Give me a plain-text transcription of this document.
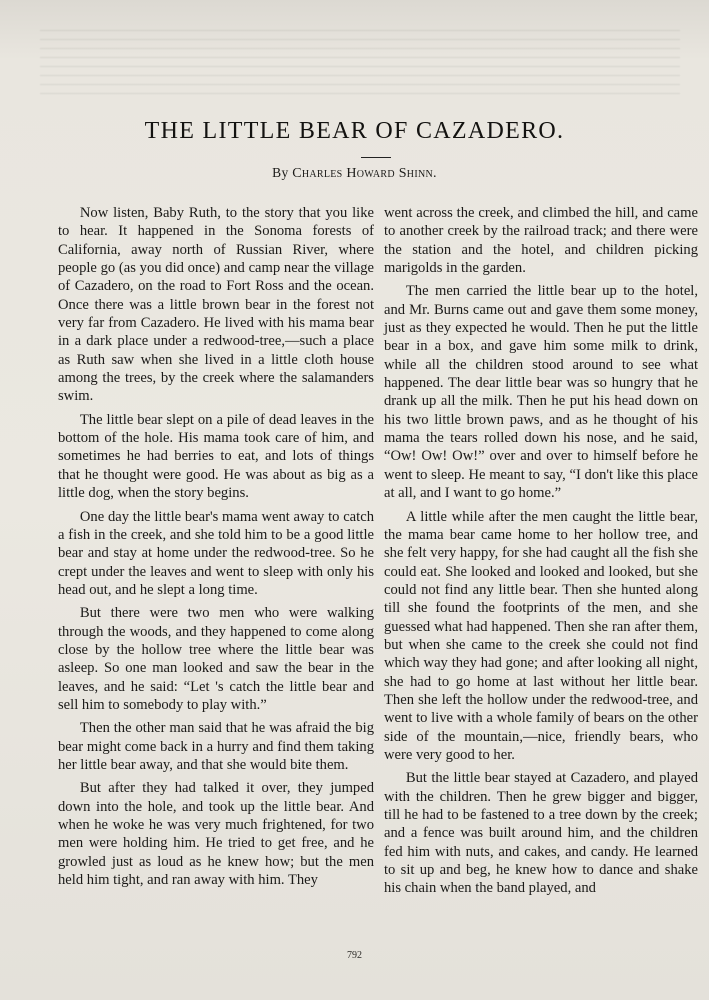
THE LITTLE BEAR OF CAZADERO.
By Charles Howard Shinn.

Now listen, Baby Ruth, to the story that you like to hear. It happened in the Sonoma forests of California, away north of Russian River, where people go (as you did once) and camp near the village of Cazadero, on the road to Fort Ross and the ocean. Once there was a little brown bear in the forest not very far from Cazadero. He lived with his mama bear in a dark place under a redwood-tree,—such a place as Ruth saw when she lived in a little cloth house among the trees, by the creek where the salamanders swim.

The little bear slept on a pile of dead leaves in the bottom of the hole. His mama took care of him, and sometimes he had berries to eat, and lots of things that he thought were good. He was about as big as a little dog, when the story begins.

One day the little bear's mama went away to catch a fish in the creek, and she told him to be a good little bear and stay at home under the redwood-tree. So he crept under the leaves and went to sleep with only his head out, and he slept a long time.

But there were two men who were walking through the woods, and they happened to come along close by the hollow tree where the little bear was asleep. So one man looked and saw the bear in the leaves, and he said: “Let 's catch the little bear and sell him to somebody to play with.”

Then the other man said that he was afraid the big bear might come back in a hurry and find them taking her little bear away, and that she would bite them.

But after they had talked it over, they jumped down into the hole, and took up the little bear. And when he woke he was very much frightened, for two men were holding him. He tried to get free, and he growled just as loud as he knew how; but the men held him tight, and ran away with him. They

went across the creek, and climbed the hill, and came to another creek by the railroad track; and there were the station and the hotel, and children picking marigolds in the garden.

The men carried the little bear up to the hotel, and Mr. Burns came out and gave them some money, just as they expected he would. Then he put the little bear in a box, and gave him some milk to drink, while all the children stood around to see what happened. The dear little bear was so hungry that he drank up all the milk. Then he put his head down on his two little brown paws, and as he thought of his mama the tears rolled down his nose, and he said, “Ow! Ow! Ow!” over and over to himself before he went to sleep. He meant to say, “I don't like this place at all, and I want to go home.”

A little while after the men caught the little bear, the mama bear came home to her hollow tree, and she felt very happy, for she had caught all the fish she could eat. She looked and looked and looked, but she could not find any little bear. Then she hunted along till she found the footprints of the men, and she guessed what had happened. Then she ran after them, but when she came to the creek she could not find which way they had gone; and after looking all night, she had to go home at last without her little bear. Then she left the hollow under the redwood-tree, and went to live with a whole family of bears on the other side of the mountain,—nice, friendly bears, who were very good to her.

But the little bear stayed at Cazadero, and played with the children. Then he grew bigger and bigger, till he had to be fastened to a tree down by the creek; and a fence was built around him, and the children fed him with nuts, and cakes, and candy. He learned to sit up and beg, he knew how to dance and shake his chain when the band played, and

792
